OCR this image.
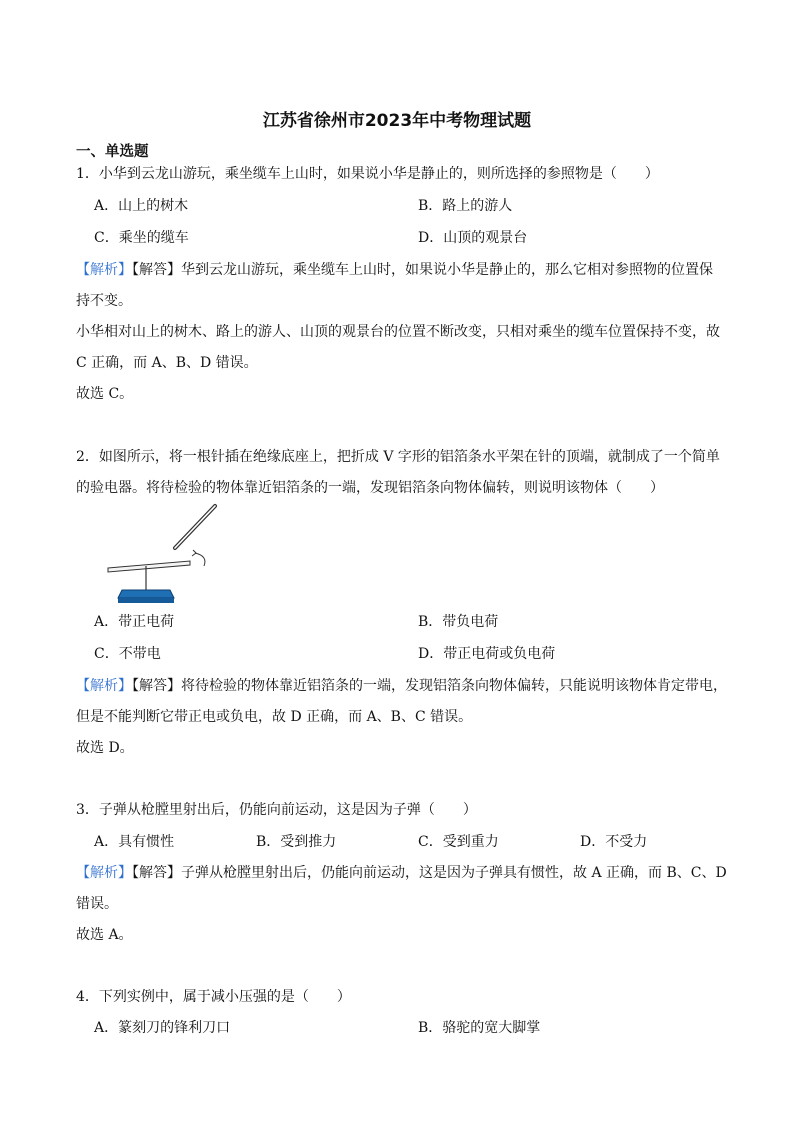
江苏省徐州市2023年中考物理试题
一、单选题
1．小华到云龙山游玩，乘坐缆车上山时，如果说小华是静止的，则所选择的参照物是（　　）
A．山上的树木	B．路上的游人
C．乘坐的缆车	D．山顶的观景台
【解析】【解答】华到云龙山游玩，乘坐缆车上山时，如果说小华是静止的，那么它相对参照物的位置保
持不变。
小华相对山上的树木、路上的游人、山顶的观景台的位置不断改变，只相对乘坐的缆车位置保持不变，故
C 正确，而 A、B、D 错误。
故选 C。
2．如图所示，将一根针插在绝缘底座上，把折成 V 字形的铝箔条水平架在针的顶端，就制成了一个简单
的验电器。将待检验的物体靠近铝箔条的一端，发现铝箔条向物体偏转，则说明该物体（　　）
A．带正电荷	B．带负电荷
C．不带电	D．带正电荷或负电荷
【解析】【解答】将待检验的物体靠近铝箔条的一端，发现铝箔条向物体偏转，只能说明该物体肯定带电，
但是不能判断它带正电或负电，故 D 正确，而 A、B、C 错误。
故选 D。
3．子弹从枪膛里射出后，仍能向前运动，这是因为子弹（　　）
A．具有惯性	B．受到推力	C．受到重力	D．不受力
【解析】【解答】子弹从枪膛里射出后，仍能向前运动，这是因为子弹具有惯性，故 A 正确，而 B、C、D
错误。
故选 A。
4．下列实例中，属于减小压强的是（　　）
A．篆刻刀的锋利刀口	B．骆驼的宽大脚掌
